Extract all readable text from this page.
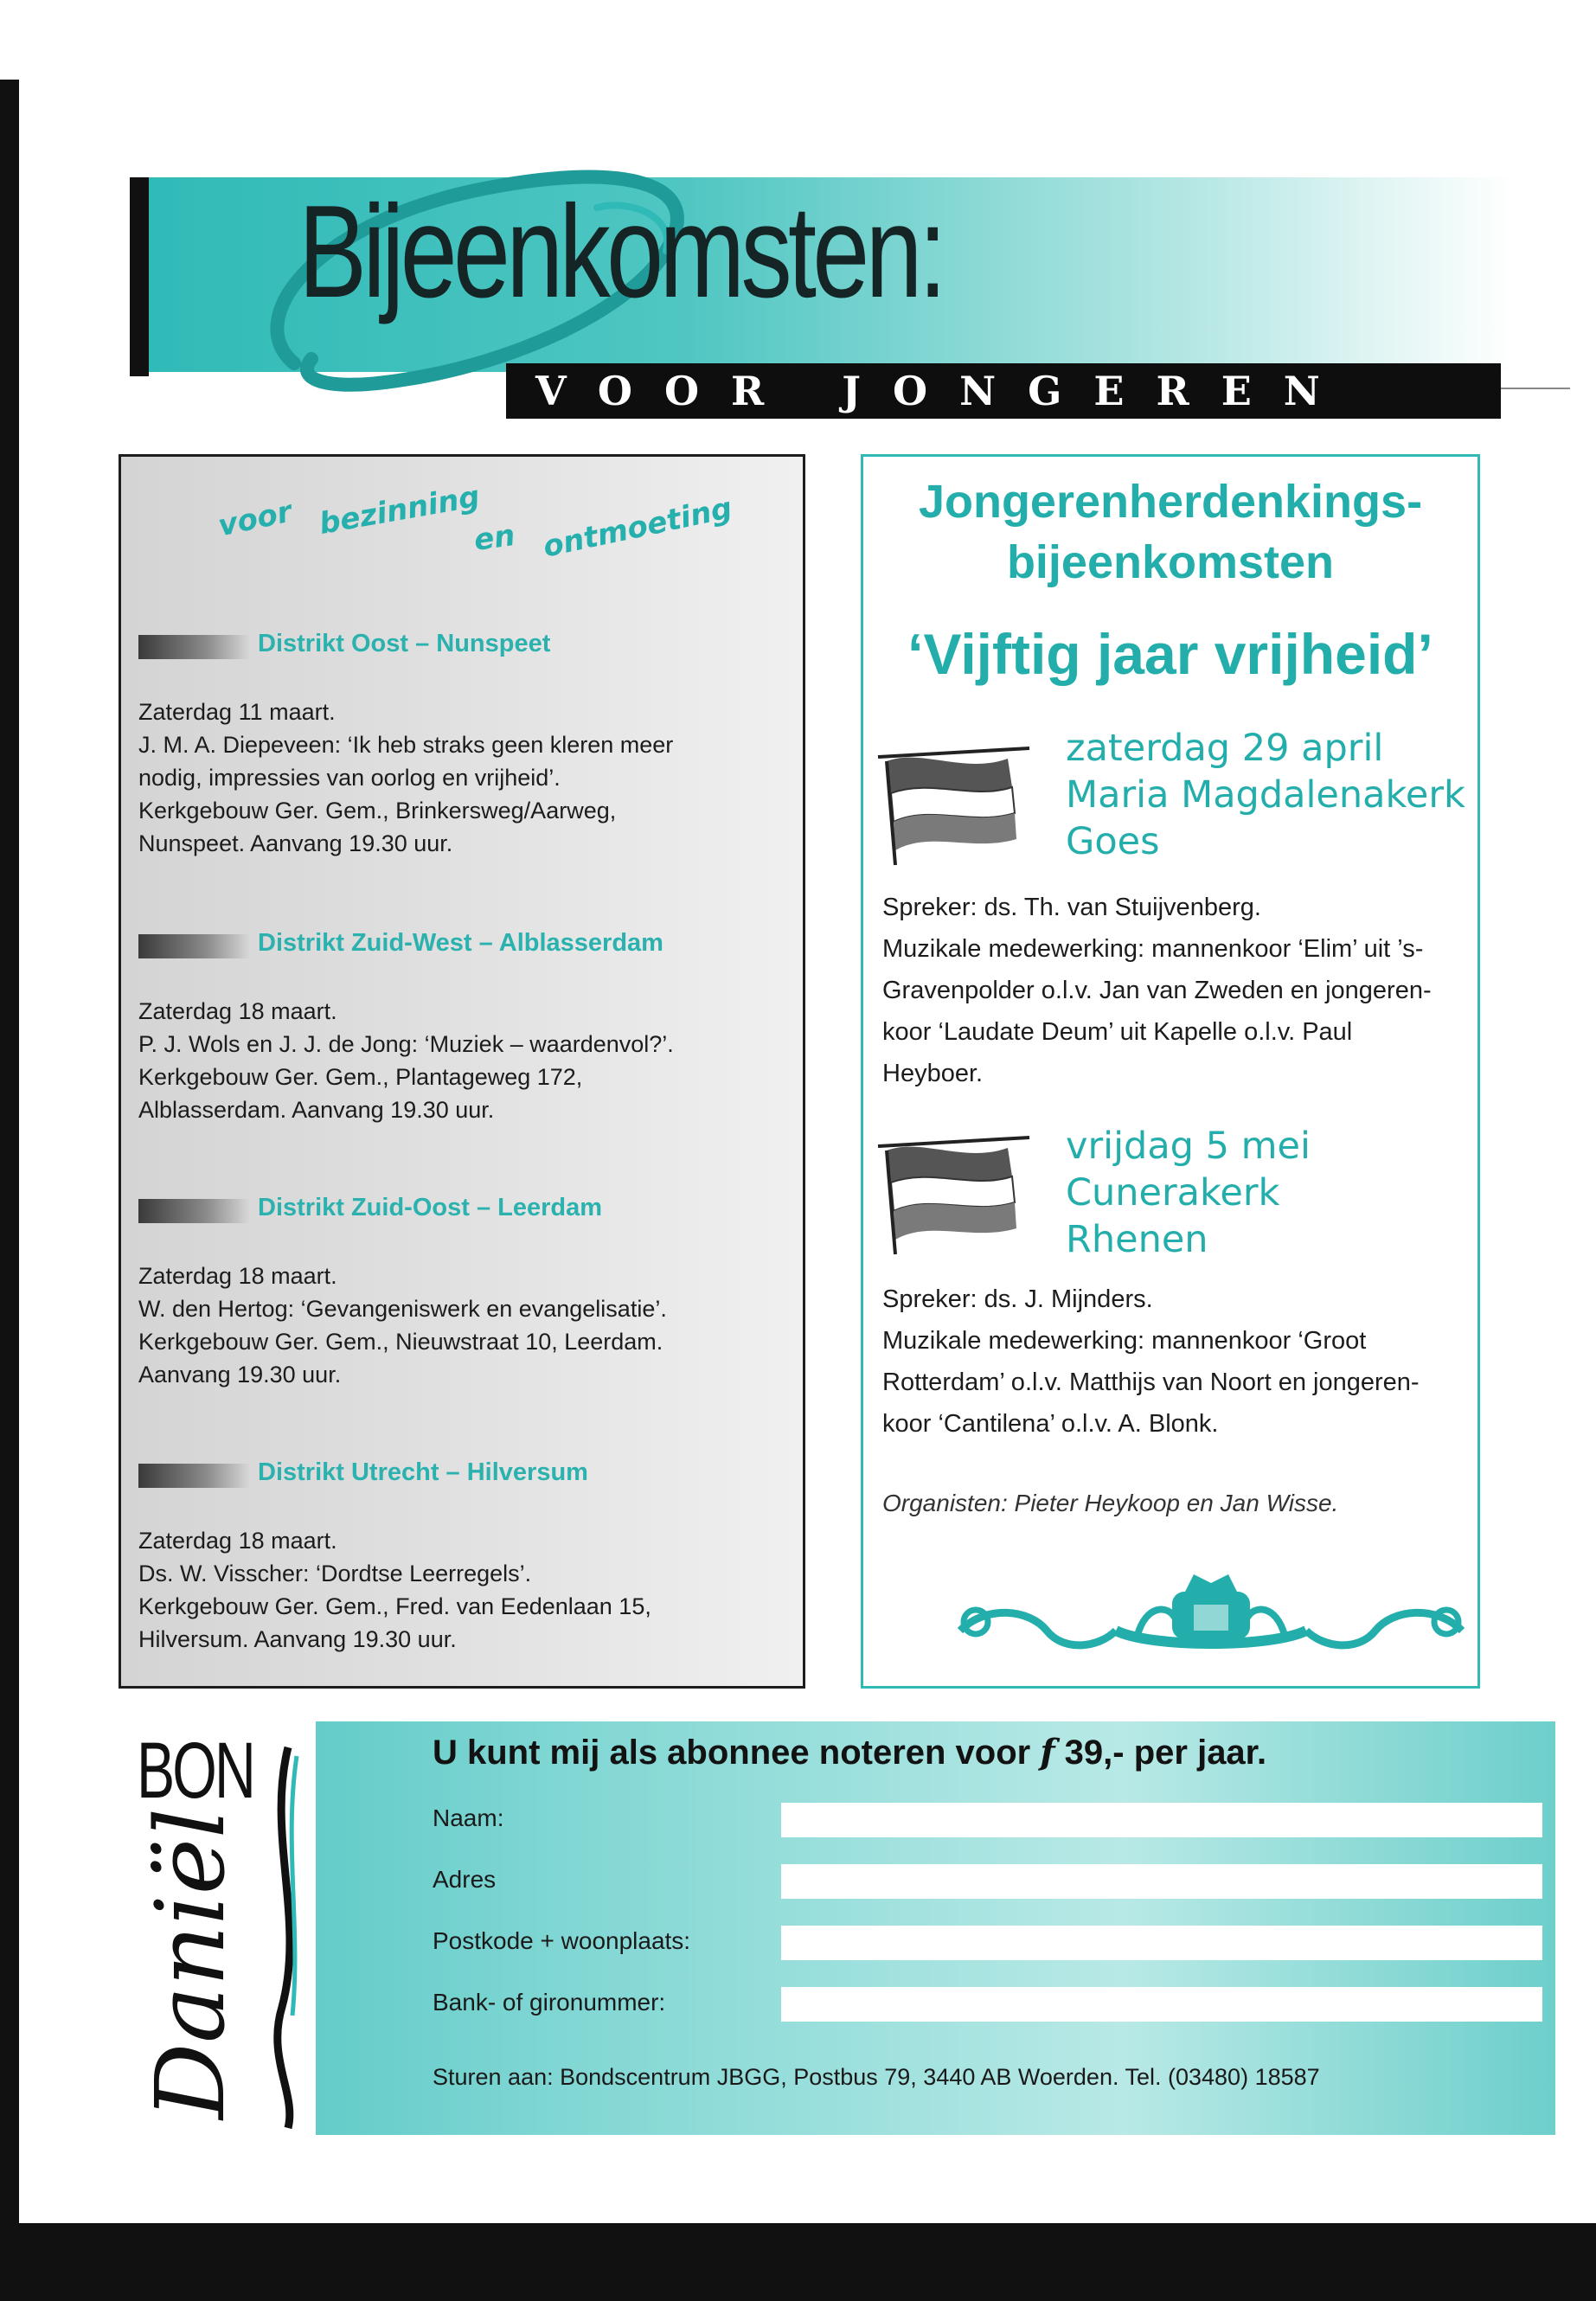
Bijeenkomsten:
VOOR JONGEREN
voor bezinning
en ontmoeting
Distrikt Oost – Nunspeet
Zaterdag 11 maart.
J. M. A. Diepeveen: ‘Ik heb straks geen kleren meer
nodig, impressies van oorlog en vrijheid’.
Kerkgebouw Ger. Gem., Brinkersweg/Aarweg,
Nunspeet. Aanvang 19.30 uur.
Distrikt Zuid-West – Alblasserdam
Zaterdag 18 maart.
P. J. Wols en J. J. de Jong: ‘Muziek – waardenvol?’.
Kerkgebouw Ger. Gem., Plantageweg 172,
Alblasserdam. Aanvang 19.30 uur.
Distrikt Zuid-Oost – Leerdam
Zaterdag 18 maart.
W. den Hertog: ‘Gevangeniswerk en evangelisatie’.
Kerkgebouw Ger. Gem., Nieuwstraat 10, Leerdam.
Aanvang 19.30 uur.
Distrikt Utrecht – Hilversum
Zaterdag 18 maart.
Ds. W. Visscher: ‘Dordtse Leerregels’.
Kerkgebouw Ger. Gem., Fred. van Eedenlaan 15,
Hilversum. Aanvang 19.30 uur.
Jongerenherdenkings-
bijeenkomsten
‘Vijftig jaar vrijheid’
zaterdag 29 april
Maria Magdalenakerk
Goes
Spreker: ds. Th. van Stuijvenberg.
Muzikale medewerking: mannenkoor ‘Elim’ uit ’s-
Gravenpolder o.l.v. Jan van Zweden en jongeren-
koor ‘Laudate Deum’ uit Kapelle o.l.v. Paul
Heyboer.
vrijdag 5 mei
Cunerakerk
Rhenen
Spreker: ds. J. Mijnders.
Muzikale medewerking: mannenkoor ‘Groot
Rotterdam’ o.l.v. Matthijs van Noort en jongeren-
koor ‘Cantilena’ o.l.v. A. Blonk.
Organisten: Pieter Heykoop en Jan Wisse.
BON
Daniël
U kunt mij als abonnee noteren voor f 39,- per jaar.
Naam:
Adres
Postkode + woonplaats:
Bank- of gironummer:
Sturen aan: Bondscentrum JBGG, Postbus 79, 3440 AB Woerden. Tel. (03480) 18587
